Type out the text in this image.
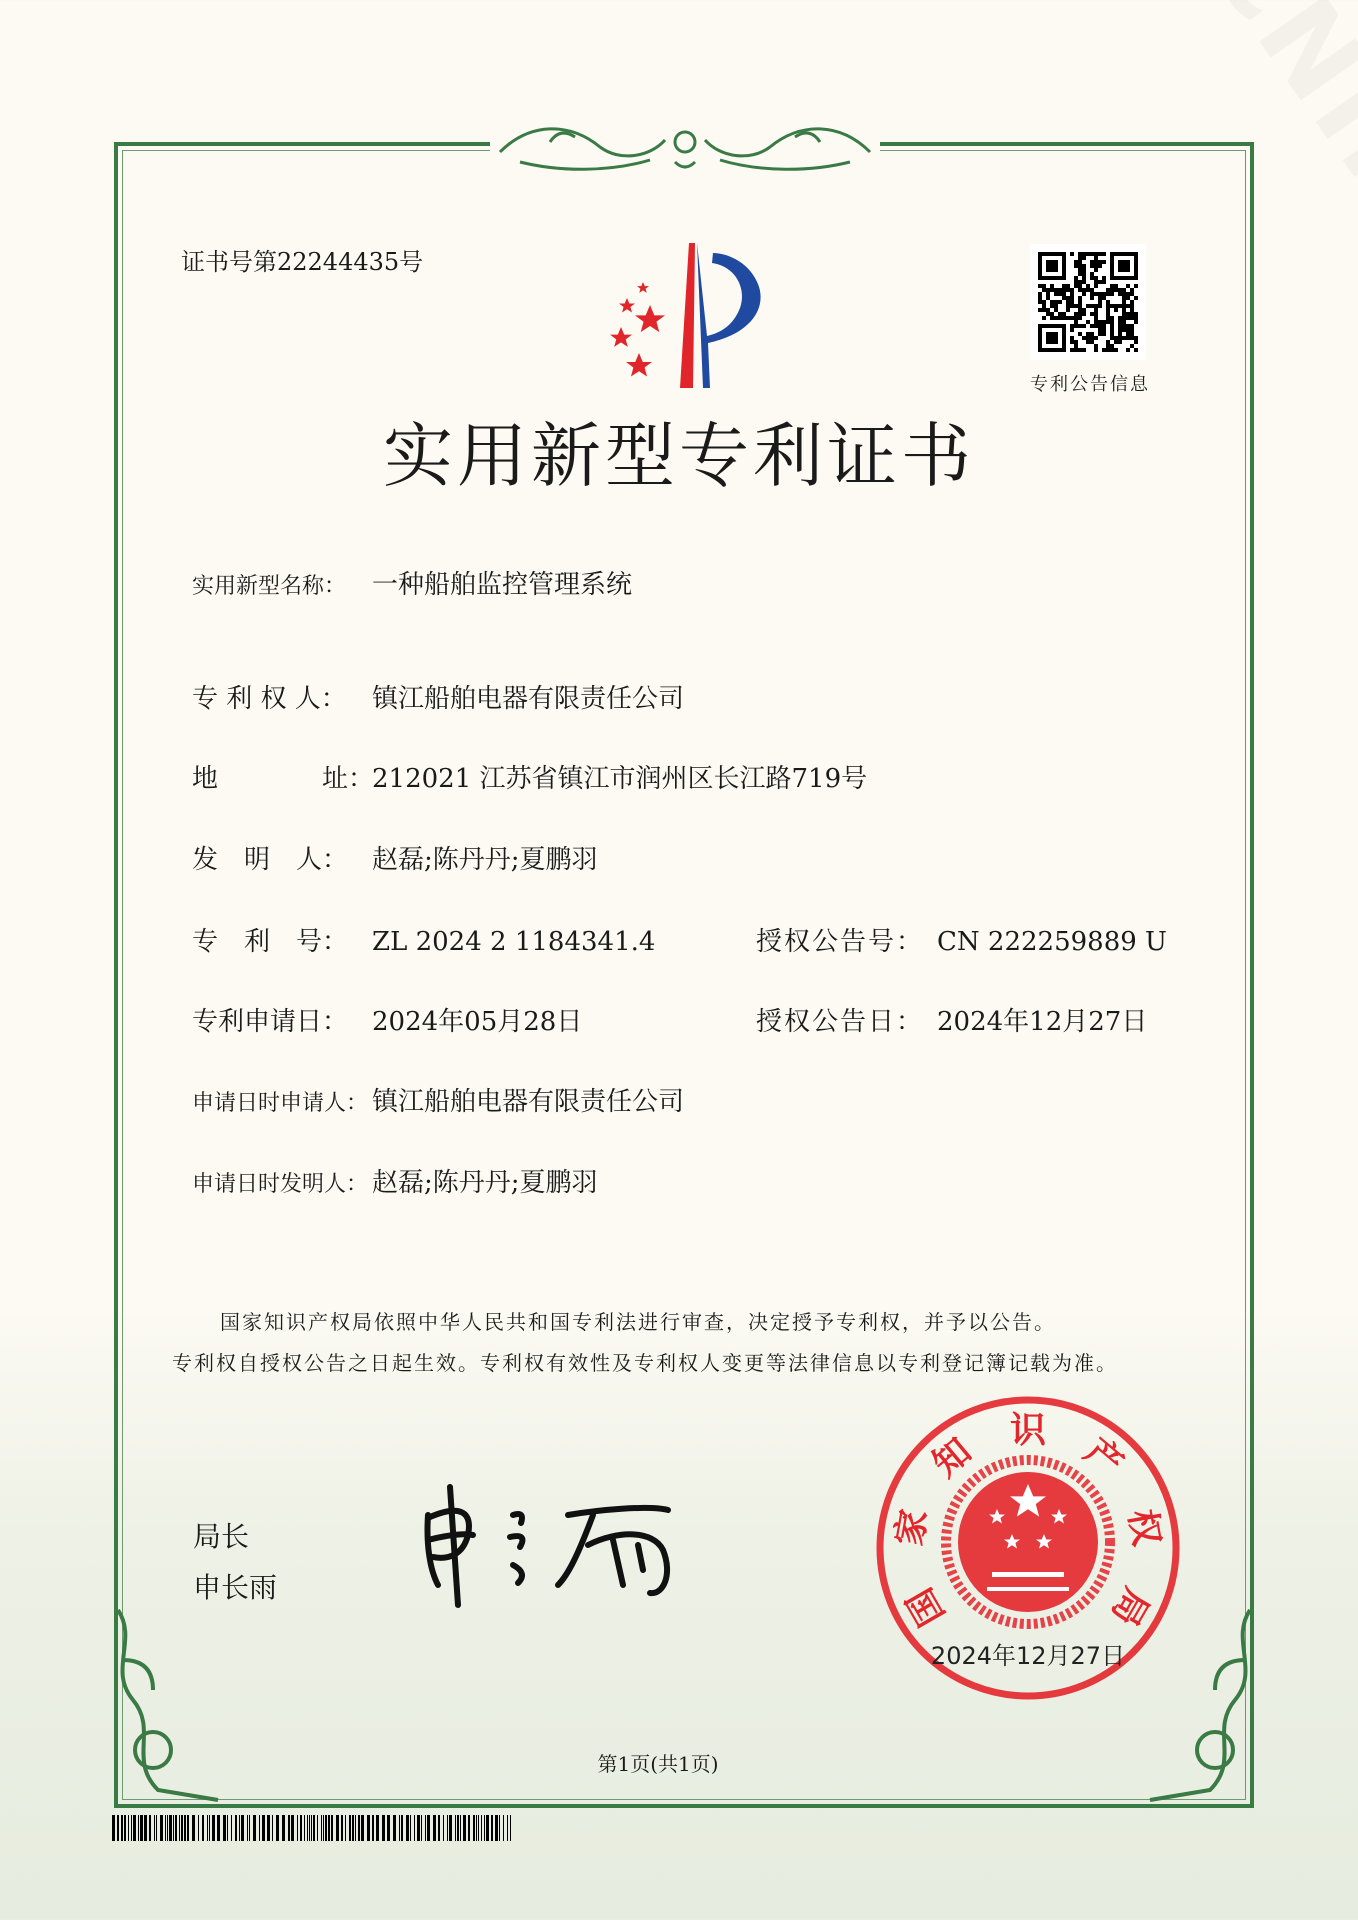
证书号第22244435号
专利公告信息
实用新型专利证书
实用新型名称： 一种船舶监控管理系统
专 利 权 人： 镇江船舶电器有限责任公司
地　　　　址：212021 江苏省镇江市润州区长江路719号
发　明　人： 赵磊;陈丹丹;夏鹏羽
专　利　号： ZL 2024 2 1184341.4	授权公告号： CN 222259889 U
专利申请日： 2024年05月28日	授权公告日： 2024年12月27日
申请日时申请人： 镇江船舶电器有限责任公司
申请日时发明人： 赵磊;陈丹丹;夏鹏羽
国家知识产权局依照中华人民共和国专利法进行审查，决定授予专利权，并予以公告。
专利权自授权公告之日起生效。专利权有效性及专利权人变更等法律信息以专利登记簿记载为准。
局长
申长雨	国
家
知
识
产
权
局
2024年12月27日
第1页(共1页)
